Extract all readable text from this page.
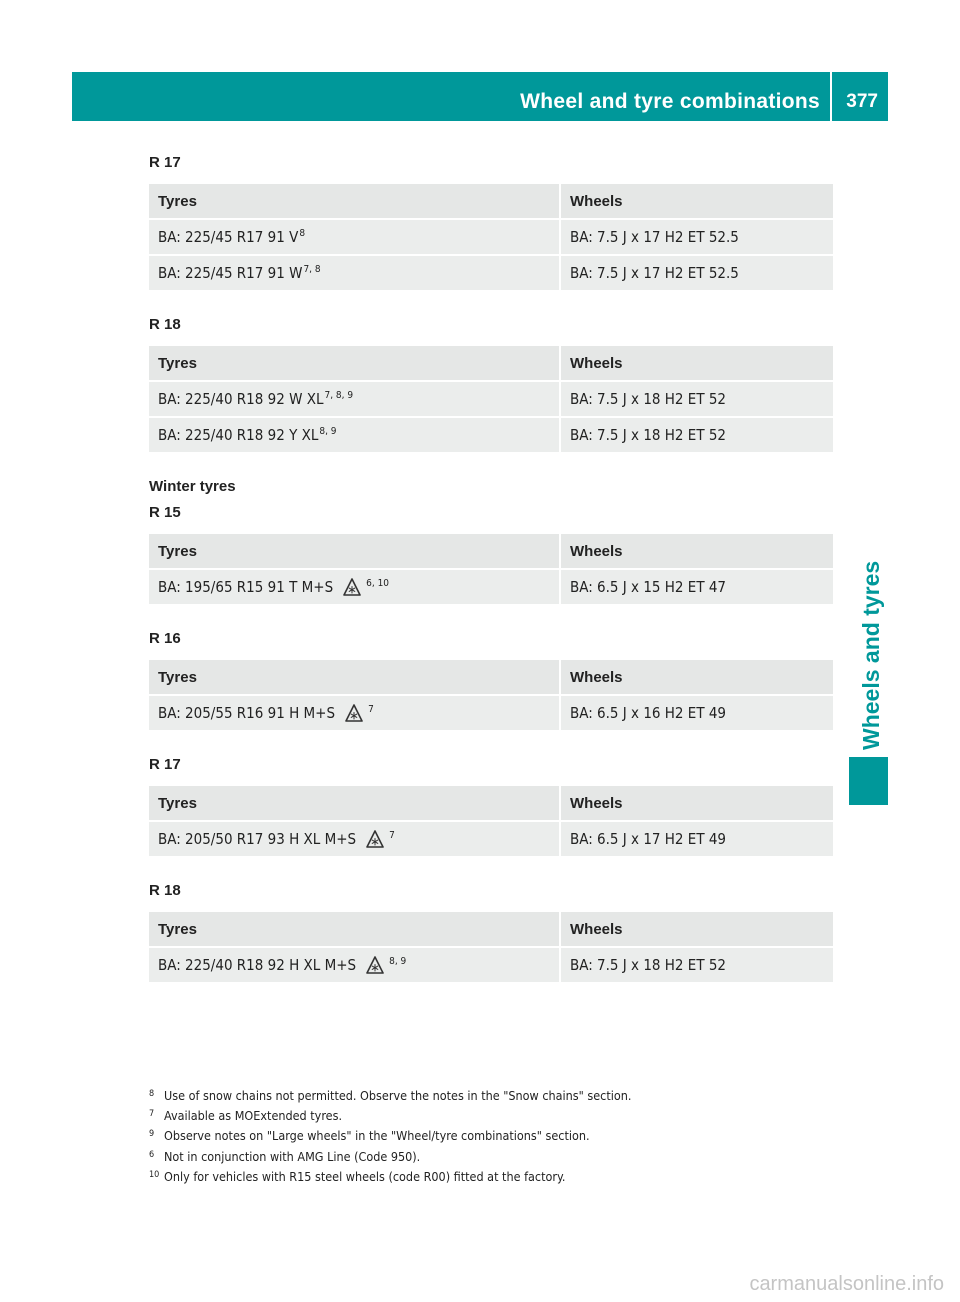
Wheel and tyre combinations 377
Wheels and tyres
R 17
Tyres	Wheels
BA: 225/45 R17 91 $V^8$	BA: 7.5 J x 17 H2 ET 52.5
BA: 225/45 R17 91 W$^{7, 8}$	BA: 7.5 J x 17 H2 ET 52.5
R 18
Tyres	Wheels
BA: 225/40 R18 92 W XL$^{7, 8, 9}$	BA: 7.5 J x 18 H2 ET 52
BA: 225/40 R18 92 Y XL$^{8, 9}$	BA: 7.5 J x 18 H2 ET 52
Winter tyres
R 15
Tyres	Wheels
BA: 195/65 R15 91 T M+S $^{6, 10}$	BA: 6.5 J x 15 H2 ET 47
R 16
Tyres	Wheels
BA: 205/55 R16 91 H M+S $^7$	BA: 6.5 J x 16 H2 ET 49
R 17
Tyres	Wheels
BA: 205/50 R17 93 H XL M+S $^7$	BA: 6.5 J x 17 H2 ET 49
R 18
Tyres	Wheels
BA: 225/40 R18 92 H XL M+S $^{8, 9}$	BA: 7.5 J x 18 H2 ET 52
8 Use of snow chains not permitted. Observe the notes in the "Snow chains" section.
7 Available as MOExtended tyres.
9 Observe notes on "Large wheels" in the "Wheel/tyre combinations" section.
6 Not in conjunction with AMG Line (Code 950).
10 Only for vehicles with R15 steel wheels (code R00) fitted at the factory.
carmanualsonline.info
